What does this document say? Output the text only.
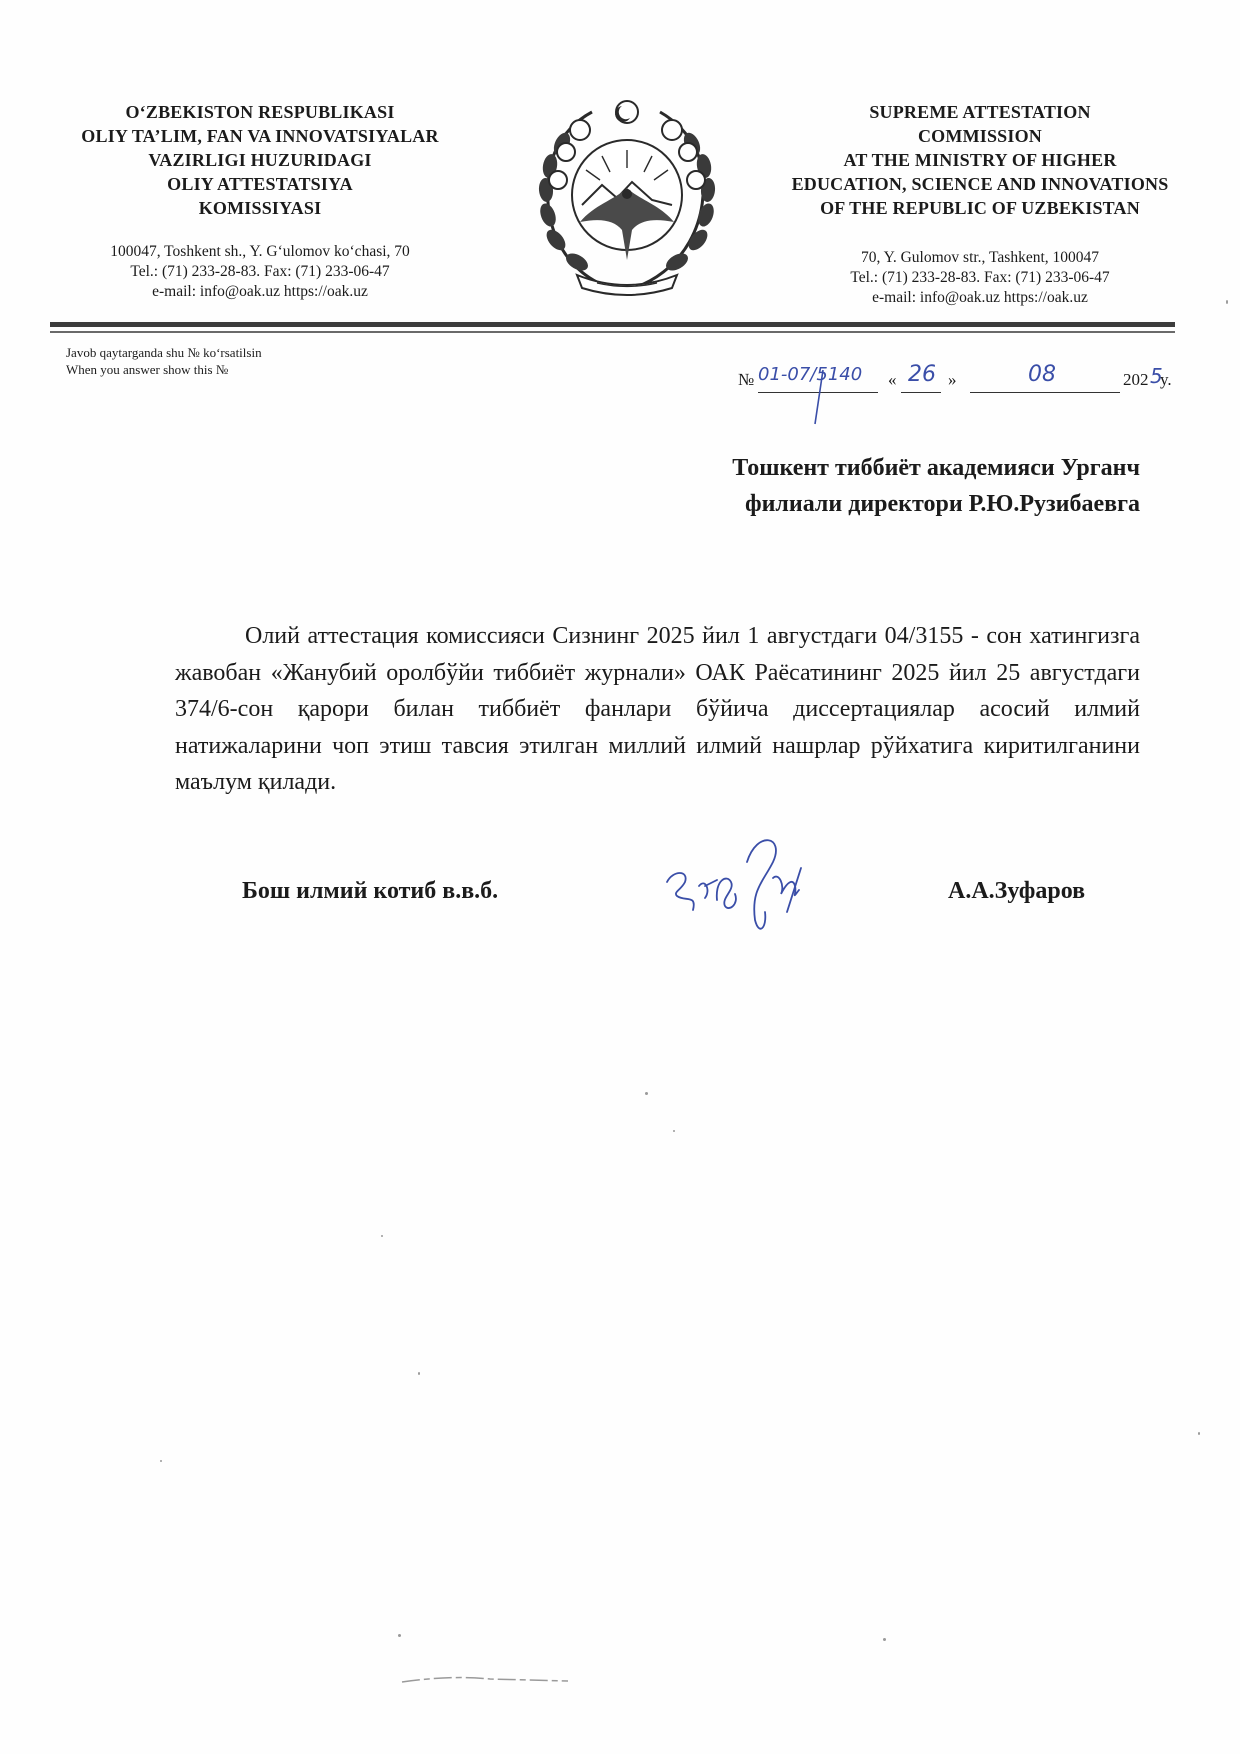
O‘ZBEKISTON RESPUBLIKASI

OLIY TA’LIM, FAN VA INNOVATSIYALAR

VAZIRLIGI HUZURIDAGI

OLIY ATTESTATSIYA

KOMISSIYASI

100047, Toshkent sh., Y. G‘ulomov ko‘chasi, 70

Tel.: (71) 233-28-83. Fax: (71) 233-06-47

e-mail: info@oak.uz https://oak.uz

SUPREME ATTESTATION

COMMISSION

AT THE MINISTRY OF HIGHER

EDUCATION, SCIENCE AND INNOVATIONS

OF THE REPUBLIC OF UZBEKISTAN

70, Y. Gulomov str., Tashkent, 100047

Tel.: (71) 233-28-83. Fax: (71) 233-06-47

e-mail: info@oak.uz https://oak.uz

Javob qaytarganda shu № ko‘rsatilsin
When you answer show this №
№ 01-07/5140 « 26 »	08	202 5
y.
Тошкент тиббиёт академияси Урганч
филиали директори Р.Ю.Рузибаевга
Олий аттестация комиссияси Сизнинг 2025 йил 1 августдаги 04/3155 - сон хатингизга жавобан «Жанубий оролбўйи тиббиёт журнали» ОАК Раёсатининг 2025 йил 25 августдаги 374/6-сон қарори билан тиббиёт фанлари бўйича диссертациялар асосий илмий натижаларини чоп этиш тавсия этилган миллий илмий нашрлар рўйхатига киритилганини маълум қилади.
Бош илмий котиб в.в.б.	А.А.Зуфаров
